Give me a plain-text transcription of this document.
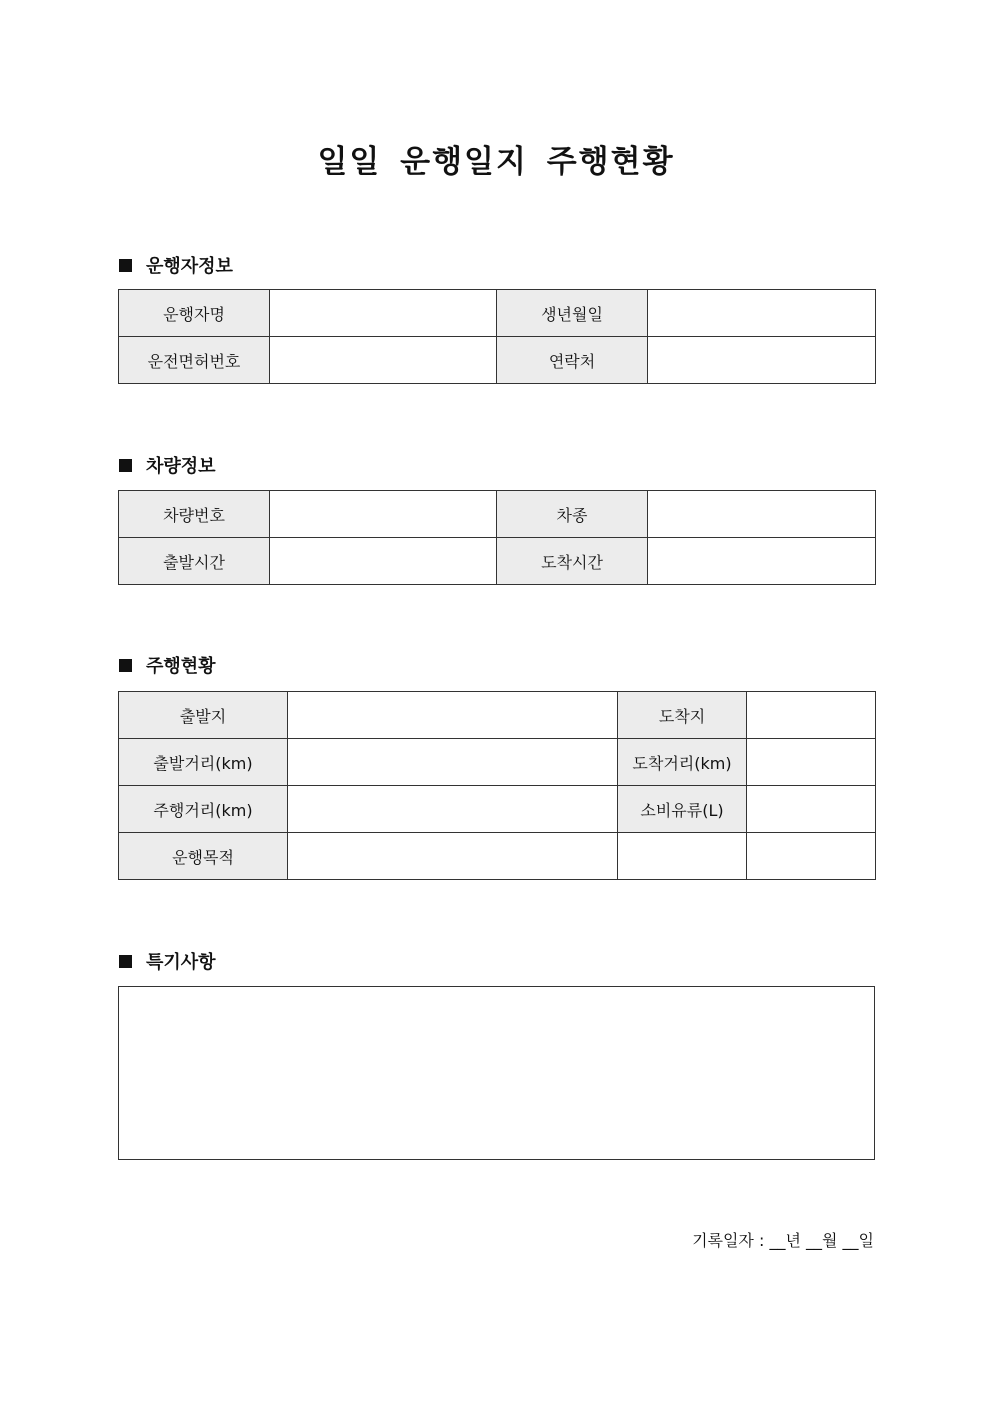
일일 운행일지 주행현황
운행자정보
운행자명		생년월일	
운전면허번호		연락처	
차량정보
차량번호		차종	
출발시간		도착시간	
주행현황
출발지		도착지	
출발거리(km)		도착거리(km)	
주행거리(km)		소비유류(L)	
운행목적			
특기사항
기록일자 : __년 __월 __일
